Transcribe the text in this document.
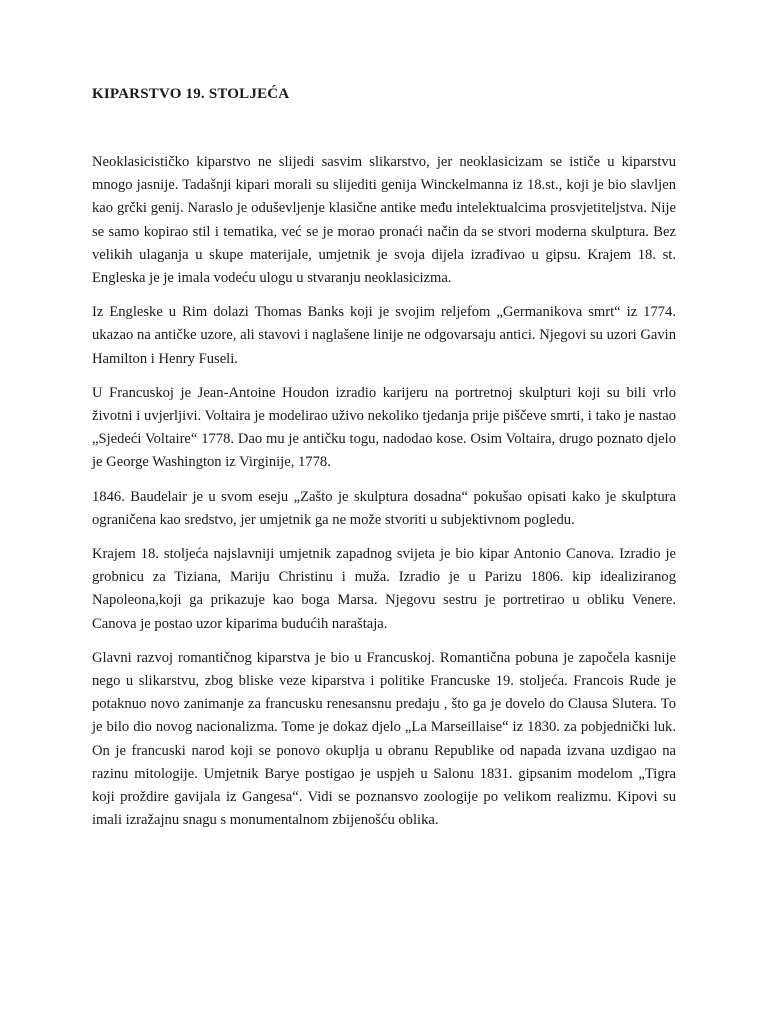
KIPARSTVO 19. STOLJEĆA

Neoklasicističko kiparstvo ne slijedi sasvim slikarstvo, jer neoklasicizam se ističe u kiparstvu mnogo jasnije. Tadašnji kipari morali su slijediti genija Winckelmanna iz 18.st., koji je bio slavljen kao grčki genij. Naraslo je oduševljenje klasične antike među intelektualcima prosvjetiteljstva. Nije se samo kopirao stil i tematika, već se je morao pronaći način da se stvori moderna skulptura. Bez velikih ulaganja u skupe materijale, umjetnik je svoja dijela izrađivao u gipsu. Krajem 18. st. Engleska je je imala vodeću ulogu u stvaranju neoklasicizma.

Iz Engleske u Rim dolazi Thomas Banks koji je svojim reljefom „Germanikova smrt“ iz 1774. ukazao na antičke uzore, ali stavovi i naglašene linije ne odgovarsaju antici. Njegovi su uzori Gavin Hamilton i Henry Fuseli.

U Francuskoj je Jean-Antoine Houdon izradio karijeru na portretnoj skulpturi koji su bili vrlo životni i uvjerljivi. Voltaira je modelirao uživo nekoliko tjedanja prije piščeve smrti, i tako je nastao „Sjedeći Voltaire“ 1778. Dao mu je antičku togu, nadodao kose. Osim Voltaira, drugo poznato djelo je George Washington iz Virginije, 1778.

1846. Baudelair je u svom eseju „Zašto je skulptura dosadna“ pokušao opisati kako je skulptura ograničena kao sredstvo, jer umjetnik ga ne može stvoriti u subjektivnom pogledu.

Krajem 18. stoljeća najslavniji umjetnik zapadnog svijeta je bio kipar Antonio Canova. Izradio je grobnicu za Tiziana, Mariju Christinu i muža. Izradio je u Parizu 1806. kip idealiziranog Napoleona,koji ga prikazuje kao boga Marsa. Njegovu sestru je portretirao u obliku Venere. Canova je postao uzor kiparima budućih naraštaja.

Glavni razvoj romantičnog kiparstva je bio u Francuskoj. Romantična pobuna je započela kasnije nego u slikarstvu, zbog bliske veze kiparstva i politike Francuske 19. stoljeća. Francois Rude je potaknuo novo zanimanje za francusku renesansnu predaju , što ga je dovelo do Clausa Slutera. To je bilo dio novog nacionalizma. Tome je dokaz djelo „La Marseillaise“ iz 1830. za pobjednički luk. On je francuski narod koji se ponovo okuplja u obranu Republike od napada izvana uzdigao na razinu mitologije. Umjetnik Barye postigao je uspjeh u Salonu 1831. gipsanim modelom „Tigra koji proždire gavijala iz Gangesa“. Vidi se poznansvo zoologije po velikom realizmu. Kipovi su imali izražajnu snagu s monumentalnom zbijenošću oblika.
